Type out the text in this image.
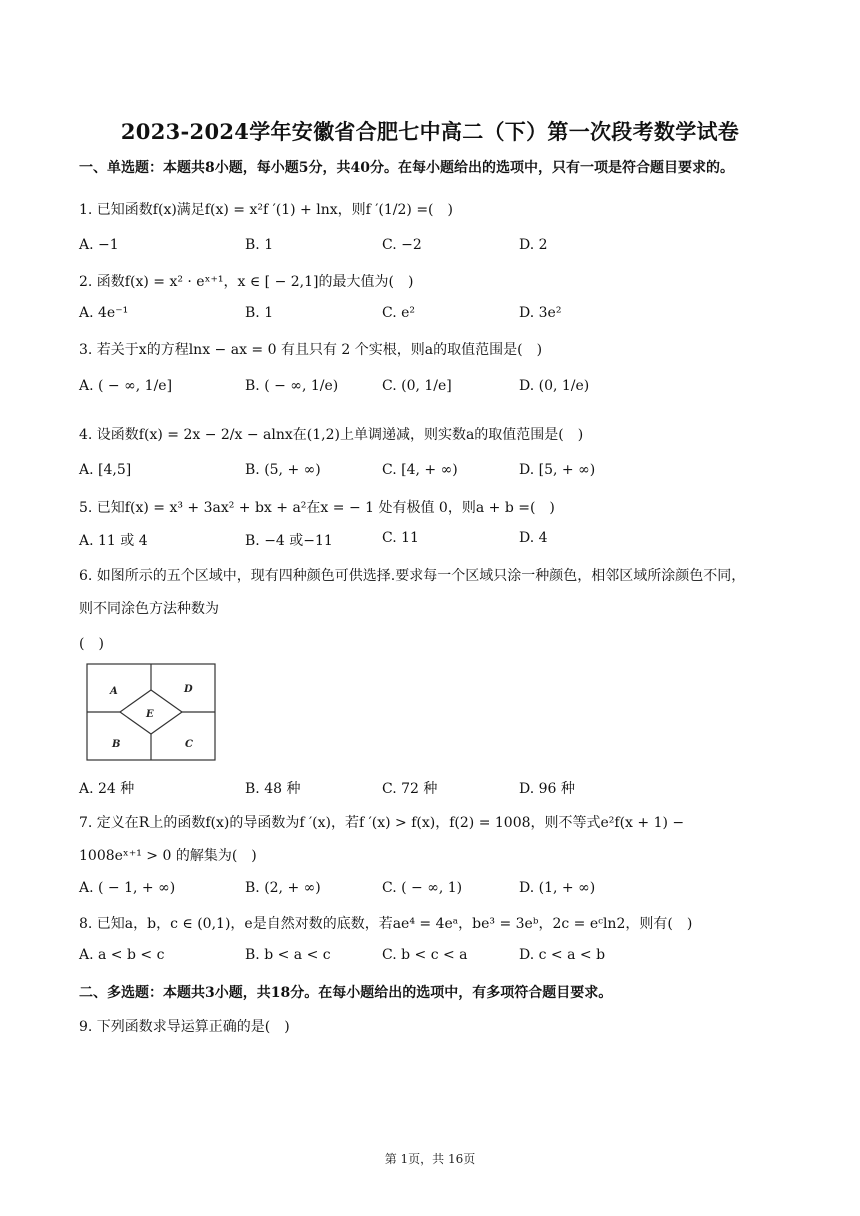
2023-2024学年安徽省合肥七中高二（下）第一次段考数学试卷
一、单选题：本题共8小题，每小题5分，共40分。在每小题给出的选项中，只有一项是符合题目要求的。
1. 已知函数f(x)满足f(x) = x²f ′(1) + lnx，则f ′(1/2) =(　)
A. −1	B. 1	C. −2	D. 2
2. 函数f(x) = x² · eˣ⁺¹，x ∈ [ − 2,1]的最大值为(　)
A. 4e⁻¹	B. 1	C. e²	D. 3e²
3. 若关于x的方程lnx − ax = 0 有且只有 2 个实根，则a的取值范围是(　)
A. ( − ∞, 1/e]	B. ( − ∞, 1/e)	C. (0, 1/e]	D. (0, 1/e)
4. 设函数f(x) = 2x − 2/x − alnx在(1,2)上单调递减，则实数a的取值范围是(　)
A. [4,5]	B. (5, + ∞)	C. [4, + ∞)	D. [5, + ∞)
5. 已知f(x) = x³ + 3ax² + bx + a²在x = − 1 处有极值 0，则a + b =(　)
A. 11 或 4	B. −4 或−11	C. 11	D. 4
6. 如图所示的五个区域中，现有四种颜色可供选择.要求每一个区域只涂一种颜色，相邻区域所涂颜色不同，
则不同涂色方法种数为
(　)
A	D
E
B	C
A. 24 种	B. 48 种	C. 72 种	D. 96 种
7. 定义在R上的函数f(x)的导函数为f ′(x)，若f ′(x) > f(x)，f(2) = 1008，则不等式e²f(x + 1) −
1008eˣ⁺¹ > 0 的解集为(　)
A. ( − 1, + ∞)	B. (2, + ∞)	C. ( − ∞, 1)	D. (1, + ∞)
8. 已知a，b，c ∈ (0,1)，e是自然对数的底数，若ae⁴ = 4eᵃ，be³ = 3eᵇ，2c = eᶜln2，则有(　)
A. a < b < c	B. b < a < c	C. b < c < a	D. c < a < b
二、多选题：本题共3小题，共18分。在每小题给出的选项中，有多项符合题目要求。
9. 下列函数求导运算正确的是(　)
第 1页，共 16页
